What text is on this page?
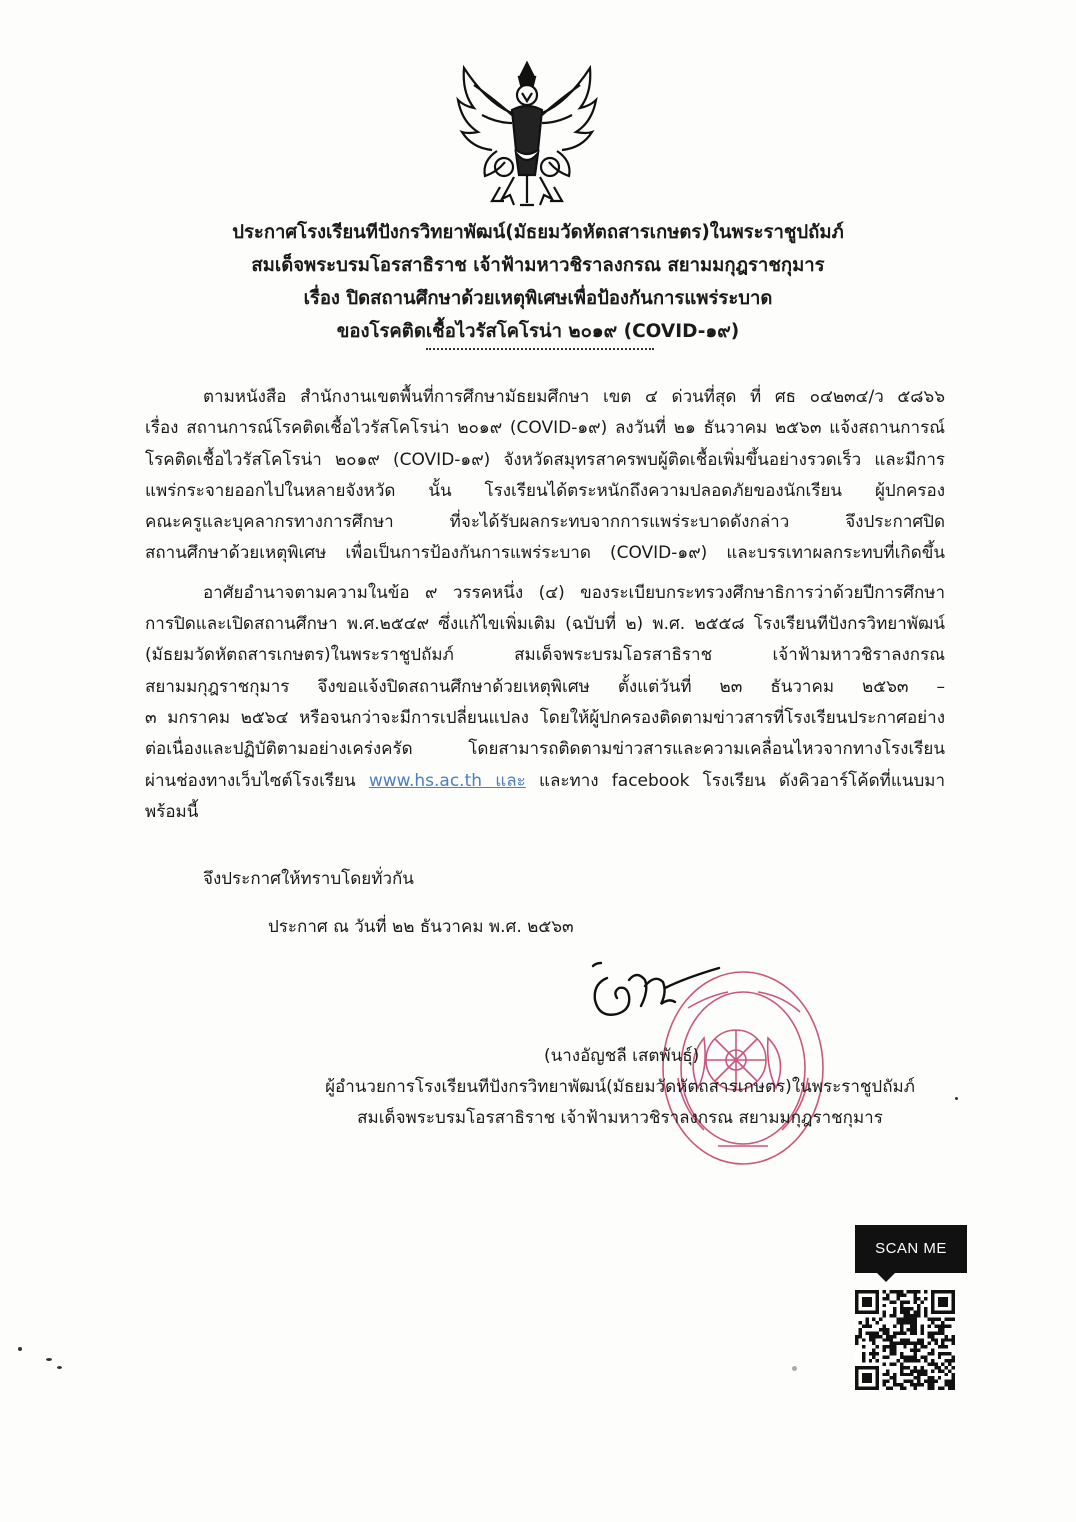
ประกาศโรงเรียนทีปังกรวิทยาพัฒน์(มัธยมวัดหัตถสารเกษตร)ในพระราชูปถัมภ์
สมเด็จพระบรมโอรสาธิราช เจ้าฟ้ามหาวชิราลงกรณ สยามมกุฎราชกุมาร
เรื่อง ปิดสถานศึกษาด้วยเหตุพิเศษเพื่อป้องกันการแพร่ระบาด
ของโรคติดเชื้อไวรัสโคโรน่า ๒๐๑๙ (COVID-๑๙)
ตามหนังสือ สำนักงานเขตพื้นที่การศึกษามัธยมศึกษา เขต ๔ ด่วนที่สุด ที่ ศธ ๐๔๒๓๔/ว ๕๘๖๖
เรื่อง สถานการณ์โรคติดเชื้อไวรัสโคโรน่า ๒๐๑๙ (COVID-๑๙) ลงวันที่ ๒๑ ธันวาคม ๒๕๖๓ แจ้งสถานการณ์
โรคติดเชื้อไวรัสโคโรน่า ๒๐๑๙ (COVID-๑๙) จังหวัดสมุทรสาครพบผู้ติดเชื้อเพิ่มขึ้นอย่างรวดเร็ว และมีการ
แพร่กระจายออกไปในหลายจังหวัด นั้น โรงเรียนได้ตระหนักถึงความปลอดภัยของนักเรียน ผู้ปกครอง
คณะครูและบุคลากรทางการศึกษา ที่จะได้รับผลกระทบจากการแพร่ระบาดดังกล่าว จึงประกาศปิด
สถานศึกษาด้วยเหตุพิเศษ เพื่อเป็นการป้องกันการแพร่ระบาด (COVID-๑๙) และบรรเทาผลกระทบที่เกิดขึ้น
อาศัยอำนาจตามความในข้อ ๙ วรรคหนึ่ง (๔) ของระเบียบกระทรวงศึกษาธิการว่าด้วยปีการศึกษา
การปิดและเปิดสถานศึกษา พ.ศ.๒๕๔๙ ซึ่งแก้ไขเพิ่มเติม (ฉบับที่ ๒) พ.ศ. ๒๕๕๘ โรงเรียนทีปังกรวิทยาพัฒน์
(มัธยมวัดหัตถสารเกษตร)ในพระราชูปถัมภ์ สมเด็จพระบรมโอรสาธิราช เจ้าฟ้ามหาวชิราลงกรณ
สยามมกุฎราชกุมาร จึงขอแจ้งปิดสถานศึกษาด้วยเหตุพิเศษ ตั้งแต่วันที่ ๒๓ ธันวาคม ๒๕๖๓ –
๓ มกราคม ๒๕๖๔ หรือจนกว่าจะมีการเปลี่ยนแปลง โดยให้ผู้ปกครองติดตามข่าวสารที่โรงเรียนประกาศอย่าง
ต่อเนื่องและปฏิบัติตามอย่างเคร่งครัด โดยสามารถติดตามข่าวสารและความเคลื่อนไหวจากทางโรงเรียน
ผ่านช่องทางเว็บไซต์โรงเรียน www.hs.ac.th และ และทาง facebook โรงเรียน ดังคิวอาร์โค้ดที่แนบมา
พร้อมนี้
จึงประกาศให้ทราบโดยทั่วกัน
ประกาศ ณ วันที่ ๒๒ ธันวาคม พ.ศ. ๒๕๖๓
(นางอัญชลี เสตพันธุ์)
ผู้อำนวยการโรงเรียนทีปังกรวิทยาพัฒน์(มัธยมวัดหัตถสารเกษตร)ในพระราชูปถัมภ์
สมเด็จพระบรมโอรสาธิราช เจ้าฟ้ามหาวชิราลงกรณ สยามมกุฎราชกุมาร
SCAN ME
